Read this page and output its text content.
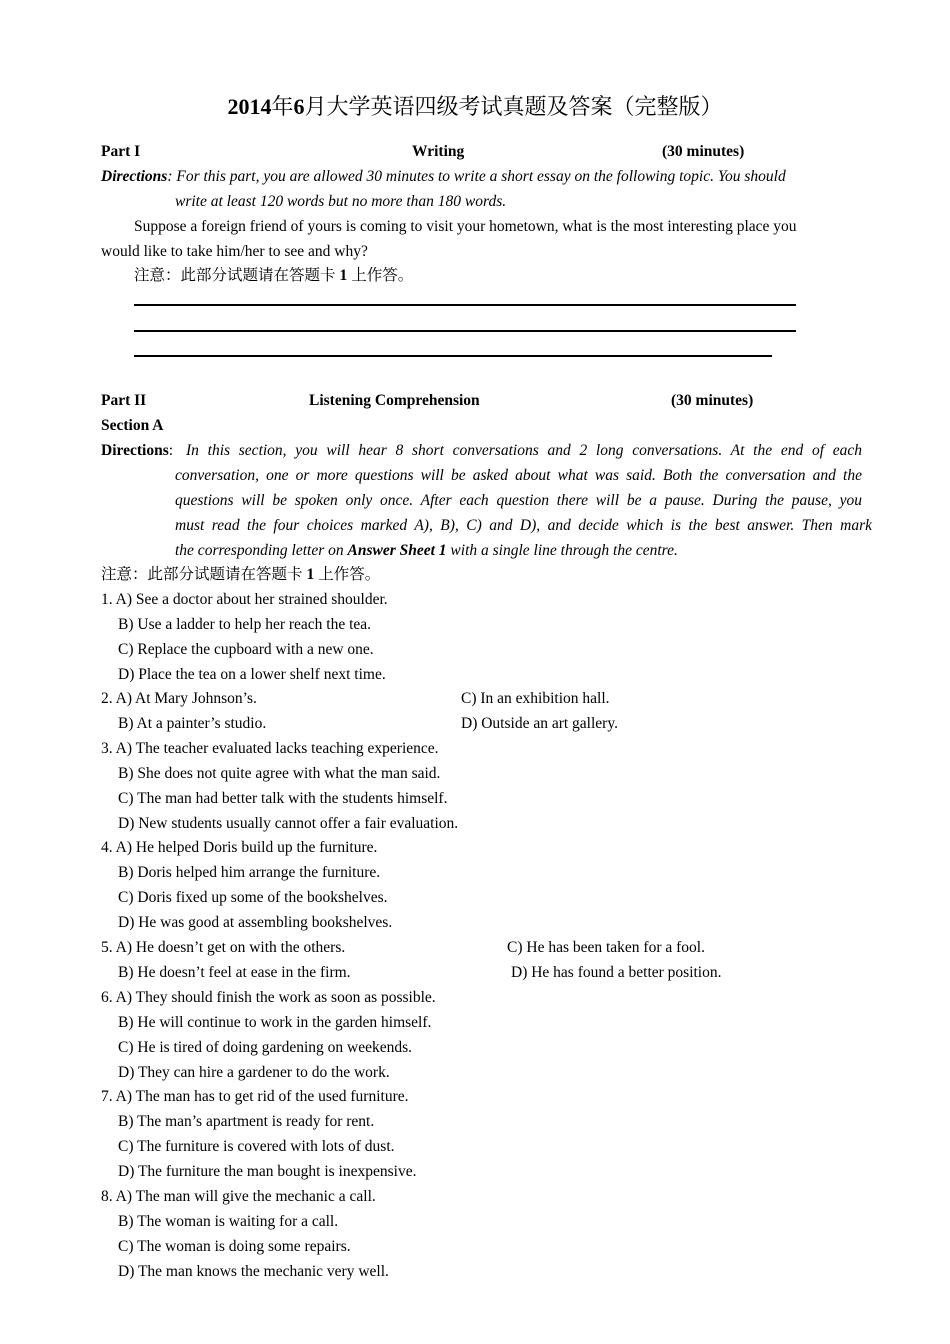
2014年6月大学英语四级考试真题及答案（完整版）
Part I	Writing	(30 minutes)
Directions: For this part, you are allowed 30 minutes to write a short essay on the following topic. You should
write at least 120 words but no more than 180 words.
Suppose a foreign friend of yours is coming to visit your hometown, what is the most interesting place you
would like to take him/her to see and why?
注意：此部分试题请在答题卡 1 上作答。
Part II	Listening Comprehension	(30 minutes)
Section A
Directions: In this section, you will hear 8 short conversations and 2 long conversations. At the end of each
conversation, one or more questions will be asked about what was said. Both the conversation and the
questions will be spoken only once. After each question there will be a pause. During the pause, you
must read the four choices marked A), B), C) and D), and decide which is the best answer. Then mark
the corresponding letter on Answer Sheet 1 with a single line through the centre.
注意：此部分试题请在答题卡 1 上作答。
1. A) See a doctor about her strained shoulder.
B) Use a ladder to help her reach the tea.
C) Replace the cupboard with a new one.
D) Place the tea on a lower shelf next time.
2. A) At Mary Johnson’s.	C) In an exhibition hall.
B) At a painter’s studio.	D) Outside an art gallery.
3. A) The teacher evaluated lacks teaching experience.
B) She does not quite agree with what the man said.
C) The man had better talk with the students himself.
D) New students usually cannot offer a fair evaluation.
4. A) He helped Doris build up the furniture.
B) Doris helped him arrange the furniture.
C) Doris fixed up some of the bookshelves.
D) He was good at assembling bookshelves.
5. A) He doesn’t get on with the others.	C) He has been taken for a fool.
B) He doesn’t feel at ease in the firm.	D) He has found a better position.
6. A) They should finish the work as soon as possible.
B) He will continue to work in the garden himself.
C) He is tired of doing gardening on weekends.
D) They can hire a gardener to do the work.
7. A) The man has to get rid of the used furniture.
B) The man’s apartment is ready for rent.
C) The furniture is covered with lots of dust.
D) The furniture the man bought is inexpensive.
8. A) The man will give the mechanic a call.
B) The woman is waiting for a call.
C) The woman is doing some repairs.
D) The man knows the mechanic very well.
